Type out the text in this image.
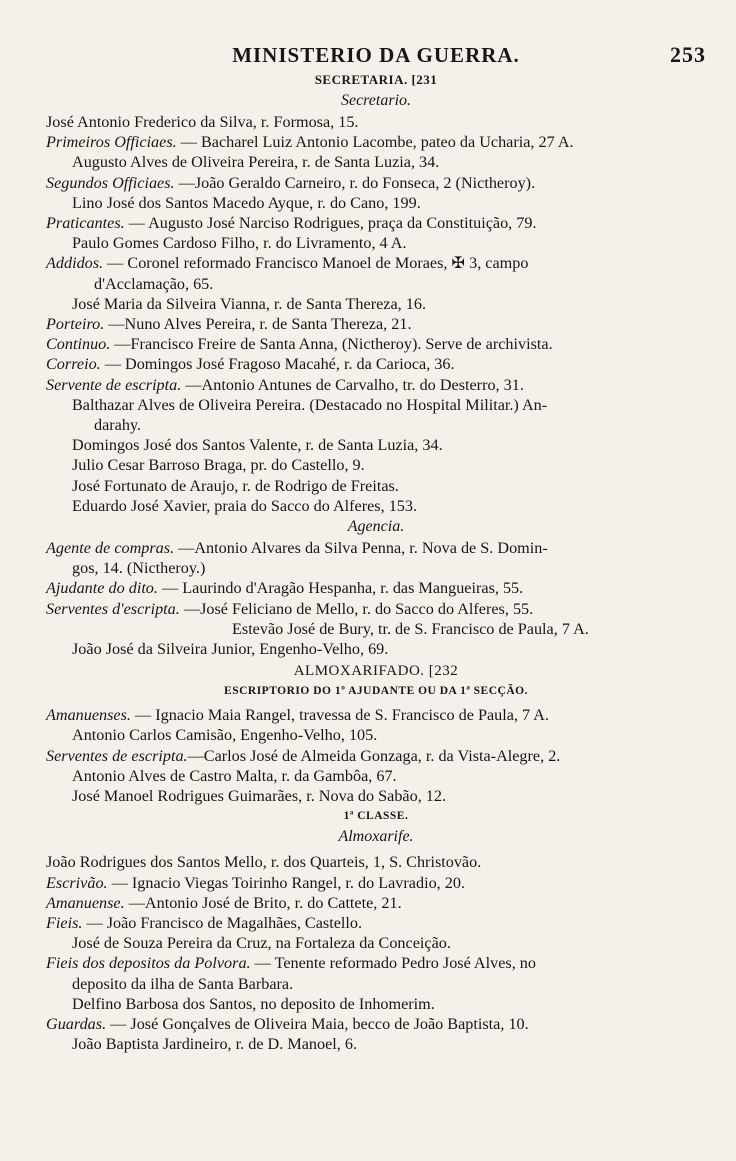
MINISTERIO DA GUERRA.	253
SECRETARIA. [231
Secretario.
José Antonio Frederico da Silva, r. Formosa, 15.
Primeiros Officiaes. — Bacharel Luiz Antonio Lacombe, pateo da Ucharia, 27 A.
Augusto Alves de Oliveira Pereira, r. de Santa Luzia, 34.
Segundos Officiaes. —João Geraldo Carneiro, r. do Fonseca, 2 (Nictheroy).
Lino José dos Santos Macedo Ayque, r. do Cano, 199.
Praticantes. — Augusto José Narciso Rodrigues, praça da Constituição, 79.
Paulo Gomes Cardoso Filho, r. do Livramento, 4 A.
Addidos. — Coronel reformado Francisco Manoel de Moraes, ✠ 3, campo
d'Acclamação, 65.
José Maria da Silveira Vianna, r. de Santa Thereza, 16.
Porteiro. —Nuno Alves Pereira, r. de Santa Thereza, 21.
Continuo. —Francisco Freire de Santa Anna, (Nictheroy). Serve de archivista.
Correio. — Domingos José Fragoso Macahé, r. da Carioca, 36.
Servente de escripta. —Antonio Antunes de Carvalho, tr. do Desterro, 31.
Balthazar Alves de Oliveira Pereira. (Destacado no Hospital Militar.) An-
darahy.
Domingos José dos Santos Valente, r. de Santa Luzia, 34.
Julio Cesar Barroso Braga, pr. do Castello, 9.
José Fortunato de Araujo, r. de Rodrigo de Freitas.
Eduardo José Xavier, praia do Sacco do Alferes, 153.
Agencia.
Agente de compras. —Antonio Alvares da Silva Penna, r. Nova de S. Domin-
gos, 14. (Nictheroy.)
Ajudante do dito. — Laurindo d'Aragão Hespanha, r. das Mangueiras, 55.
Serventes d'escripta. —José Feliciano de Mello, r. do Sacco do Alferes, 55.
Estevão José de Bury, tr. de S. Francisco de Paula, 7 A.
João José da Silveira Junior, Engenho-Velho, 69.
ALMOXARIFADO. [232
ESCRIPTORIO DO 1º AJUDANTE OU DA 1ª SECÇÃO.
Amanuenses. — Ignacio Maia Rangel, travessa de S. Francisco de Paula, 7 A.
Antonio Carlos Camisão, Engenho-Velho, 105.
Serventes de escripta.—Carlos José de Almeida Gonzaga, r. da Vista-Alegre, 2.
Antonio Alves de Castro Malta, r. da Gambôa, 67.
José Manoel Rodrigues Guimarães, r. Nova do Sabão, 12.
1ª CLASSE.
Almoxarife.
João Rodrigues dos Santos Mello, r. dos Quarteis, 1, S. Christovão.
Escrivão. — Ignacio Viegas Toirinho Rangel, r. do Lavradio, 20.
Amanuense. —Antonio José de Brito, r. do Cattete, 21.
Fieis. — João Francisco de Magalhães, Castello.
José de Souza Pereira da Cruz, na Fortaleza da Conceição.
Fieis dos depositos da Polvora. — Tenente reformado Pedro José Alves, no
deposito da ilha de Santa Barbara.
Delfino Barbosa dos Santos, no deposito de Inhomerim.
Guardas. — José Gonçalves de Oliveira Maia, becco de João Baptista, 10.
João Baptista Jardineiro, r. de D. Manoel, 6.
